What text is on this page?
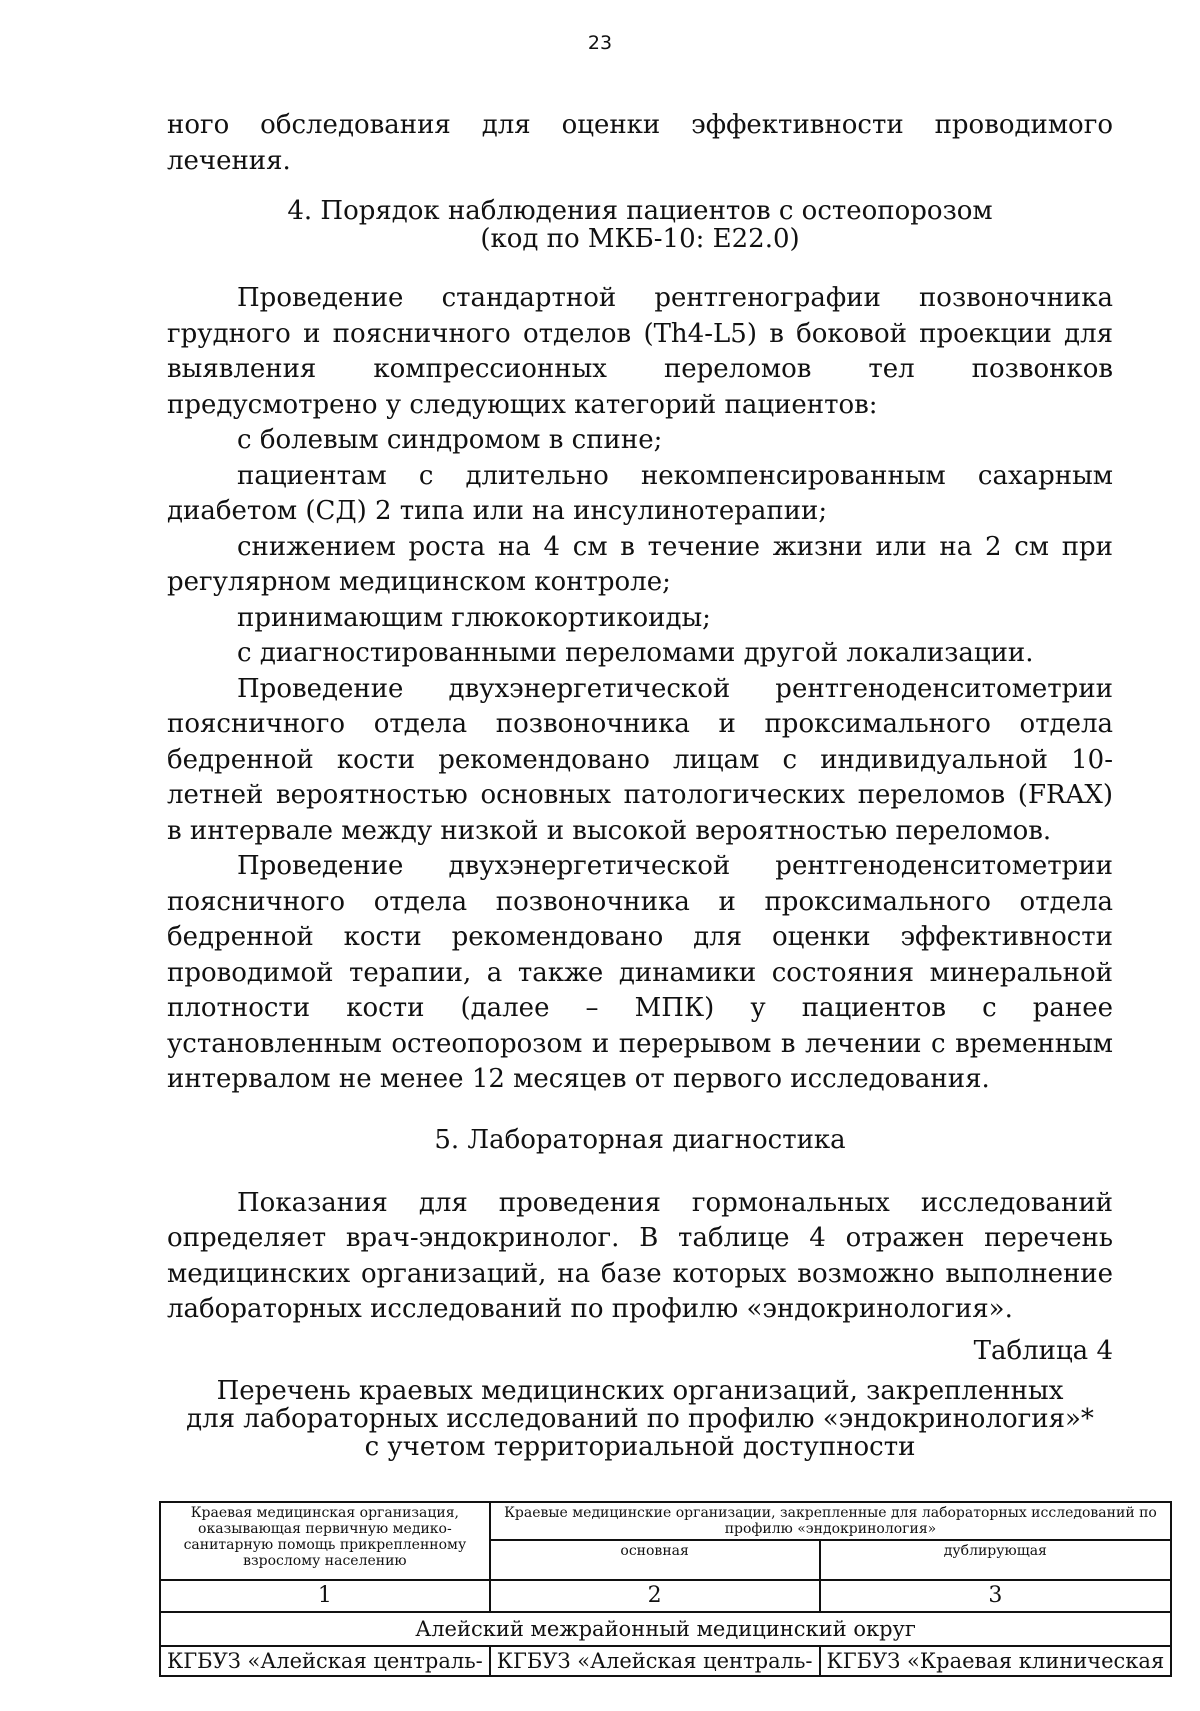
23

ного обследования для оценки эффективности проводимого лечения.

4. Порядок наблюдения пациентов с остеопорозом
(код по МКБ-10: Е22.0)

Проведение стандартной рентгенографии позвоночника грудного и поясничного отделов (Th4-L5) в боковой проекции для выявления компрессионных переломов тел позвонков предусмотрено у следующих категорий пациентов:

с болевым синдромом в спине;

пациентам с длительно некомпенсированным сахарным диабетом (СД) 2 типа или на инсулинотерапии;

снижением роста на 4 см в течение жизни или на 2 см при регулярном медицинском контроле;

принимающим глюкокортикоиды;

с диагностированными переломами другой локализации.

Проведение двухэнергетической рентгеноденситометрии поясничного отдела позвоночника и проксимального отдела бедренной кости рекомендовано лицам с индивидуальной 10-летней вероятностью основных патологических переломов (FRAX) в интервале между низкой и высокой вероятностью переломов.

Проведение двухэнергетической рентгеноденситометрии поясничного отдела позвоночника и проксимального отдела бедренной кости рекомендовано для оценки эффективности проводимой терапии, а также динамики состояния минеральной плотности кости (далее – МПК) у пациентов с ранее установленным остеопорозом и перерывом в лечении с временным интервалом не менее 12 месяцев от первого исследования.

5. Лабораторная диагностика

Показания для проведения гормональных исследований определяет врач-эндокринолог. В таблице 4 отражен перечень медицинских организаций, на базе которых возможно выполнение лабораторных исследований по профилю «эндокринология».

Таблица 4

Перечень краевых медицинских организаций, закрепленных
для лабораторных исследований по профилю «эндокринология»*
с учетом территориальной доступности

Краевая медицинская организация, оказывающая первичную медико-санитарную помощь прикрепленному взрослому населению	Краевые медицинские организации, закрепленные для лабораторных исследований по профилю «эндокринология»	
	основная	дублирующая
1	2	3
Алейский межрайонный медицинский округ		
КГБУЗ «Алейская централь-	КГБУЗ «Алейская централь-	КГБУЗ «Краевая клиническая
